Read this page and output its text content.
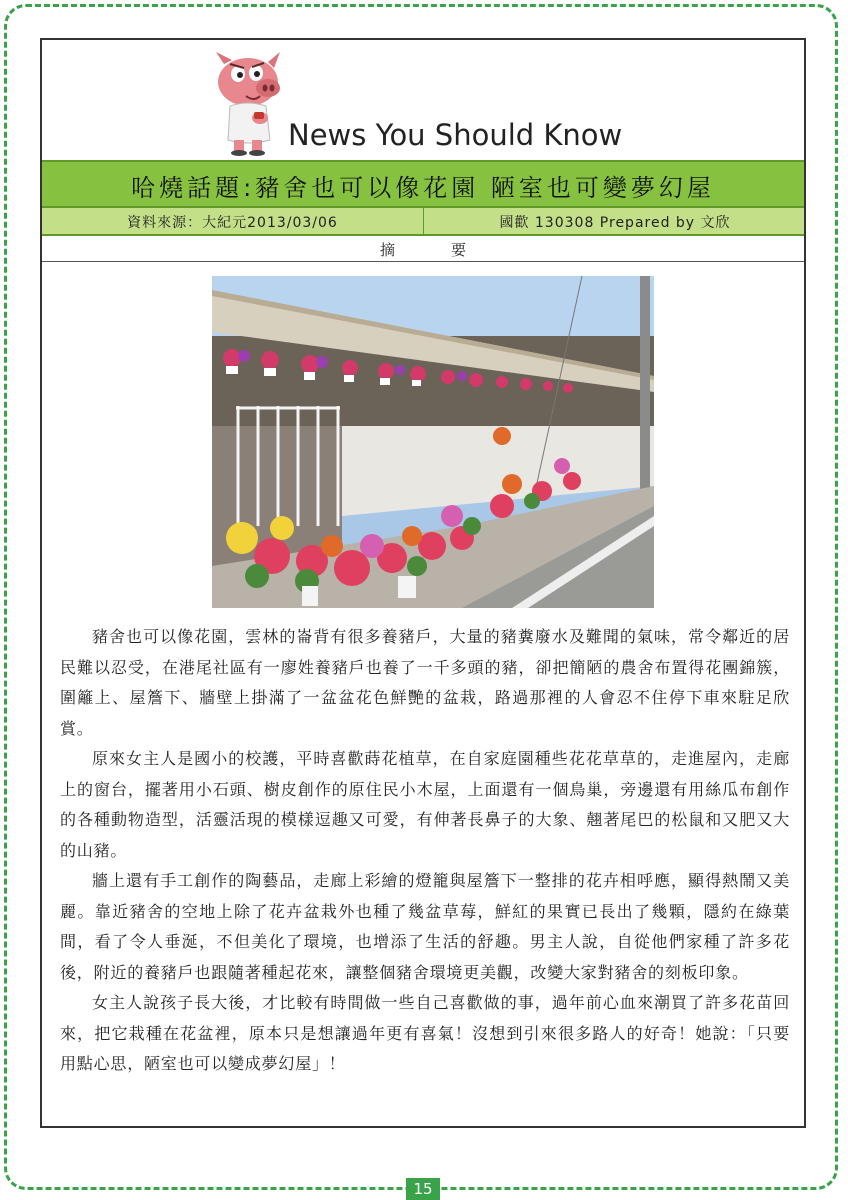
News You Should Know
哈燒話題:豬舍也可以像花園 陋室也可變夢幻屋
資料來源：大紀元2013/03/06	國歡 130308 Prepared by 文欣
摘要

豬舍也可以像花園，雲林的崙背有很多養豬戶，大量的豬糞廢水及難聞的氣味，常令鄰近的居民難以忍受，在港尾社區有一廖姓養豬戶也養了一千多頭的豬，卻把簡陋的農舍布置得花團錦簇，圍籬上、屋簷下、牆壁上掛滿了一盆盆花色鮮艷的盆栽，路過那裡的人會忍不住停下車來駐足欣賞。

原來女主人是國小的校護，平時喜歡蒔花植草，在自家庭園種些花花草草的，走進屋內，走廊上的窗台，擺著用小石頭、樹皮創作的原住民小木屋，上面還有一個鳥巢，旁邊還有用絲瓜布創作的各種動物造型，活靈活現的模樣逗趣又可愛，有伸著長鼻子的大象、翹著尾巴的松鼠和又肥又大的山豬。

牆上還有手工創作的陶藝品，走廊上彩繪的燈籠與屋簷下一整排的花卉相呼應，顯得熱鬧又美麗。靠近豬舍的空地上除了花卉盆栽外也種了幾盆草莓，鮮紅的果實已長出了幾顆，隱約在綠葉間，看了令人垂涎，不但美化了環境，也增添了生活的舒趣。男主人說，自從他們家種了許多花後，附近的養豬戶也跟隨著種起花來，讓整個豬舍環境更美觀，改變大家對豬舍的刻板印象。

女主人說孩子長大後，才比較有時間做一些自己喜歡做的事，過年前心血來潮買了許多花苗回來，把它栽種在花盆裡，原本只是想讓過年更有喜氣！沒想到引來很多路人的好奇！她說：「只要用點心思，陋室也可以變成夢幻屋」！

15
